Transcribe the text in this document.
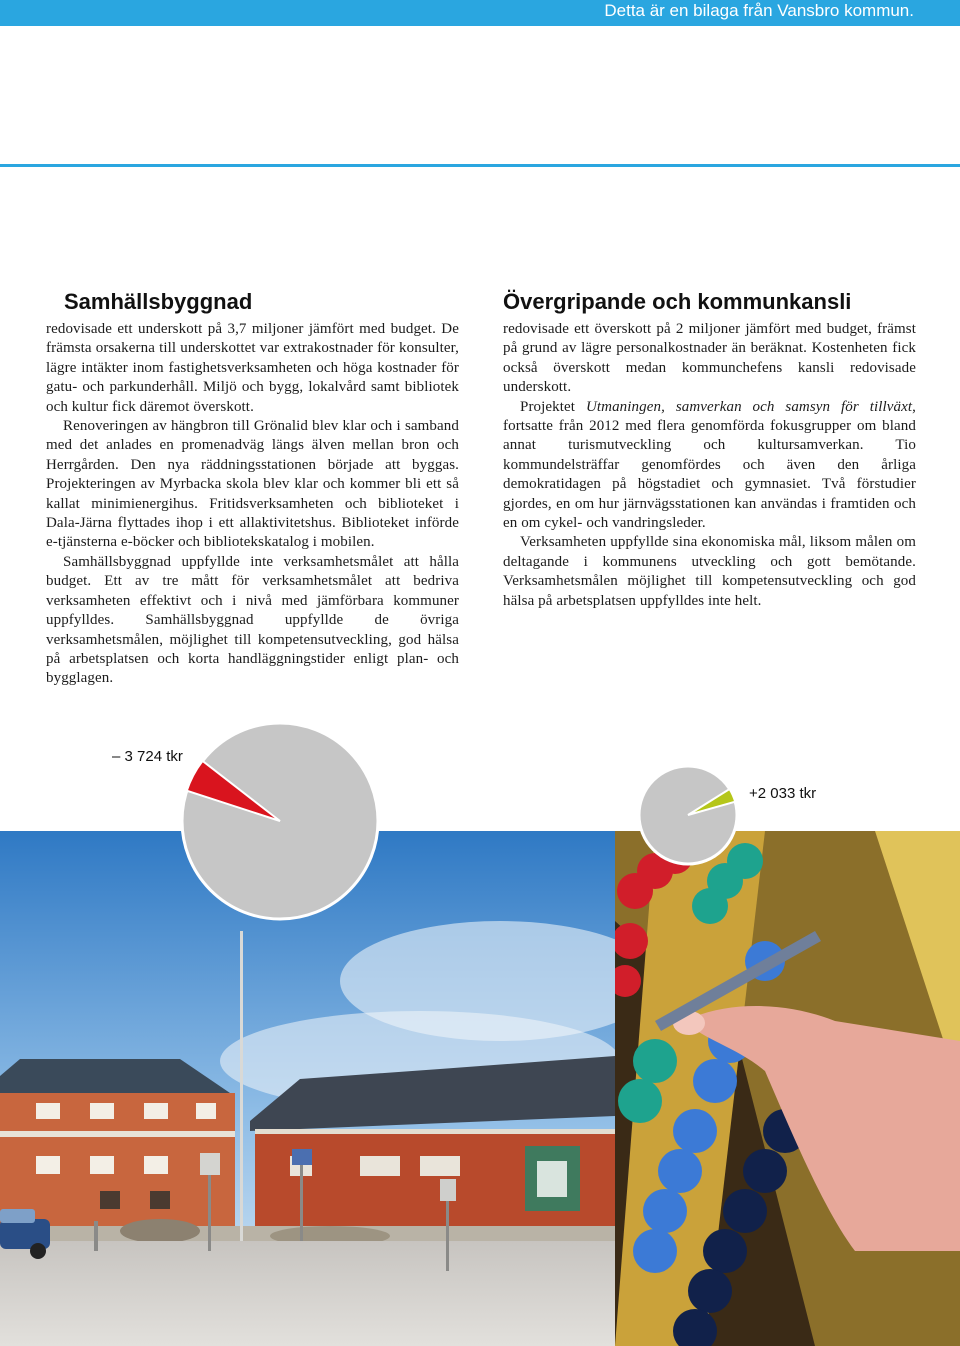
Detta är en bilaga från Vansbro kommun.
Samhällsbyggnad

redovisade ett underskott på 3,7 miljoner jämfört med budget. De främsta orsakerna till underskottet var extrakostnader för konsulter, lägre intäkter inom fastighetsverksamheten och höga kostnader för gatu- och parkunderhåll. Miljö och bygg, lokalvård samt bibliotek och kultur fick däremot överskott.

Renoveringen av hängbron till Grönalid blev klar och i samband med det anlades en promenadväg längs älven mellan bron och Herrgården. Den nya räddningsstationen började att byggas. Projekteringen av Myrbacka skola blev klar och kommer bli ett så kallat minimienergihus. Fritidsverksamheten och biblioteket i Dala-Järna flyttades ihop i ett allaktivitetshus. Biblioteket införde e-tjänsterna e-böcker och bibliotekskatalog i mobilen.

Samhällsbyggnad uppfyllde inte verksamhetsmålet att hålla budget. Ett av tre mått för verksamhetsmålet att bedriva verksamheten effektivt och i nivå med jämförbara kommuner uppfylldes. Samhällsbyggnad uppfyllde de övriga verksamhetsmålen, möjlighet till kompetensutveckling, god hälsa på arbetsplatsen och korta handläggningstider enligt plan- och bygglagen.

Övergripande och kommunkansli

redovisade ett överskott på 2 miljoner jämfört med budget, främst på grund av lägre personalkostnader än beräknat. Kostenheten fick också överskott medan kommunchefens kansli redovisade underskott.

Projektet Utmaningen, samverkan och samsyn för tillväxt, fortsatte från 2012 med flera genomförda fokusgrupper om bland annat turismutveckling och kultursamverkan. Tio kommundelsträffar genomfördes och även den årliga demokratidagen på högstadiet och gymnasiet. Två förstudier gjordes, en om hur järnvägsstationen kan användas i framtiden och en om cykel- och vandringsleder.

Verksamheten uppfyllde sina ekonomiska mål, liksom målen om deltagande i kommunens utveckling och gott bemötande. Verksamhetsmålen möjlighet till kompetensutveckling och god hälsa på arbetsplatsen uppfylldes inte helt.

– 3 724 tkr
+2 033 tkr
